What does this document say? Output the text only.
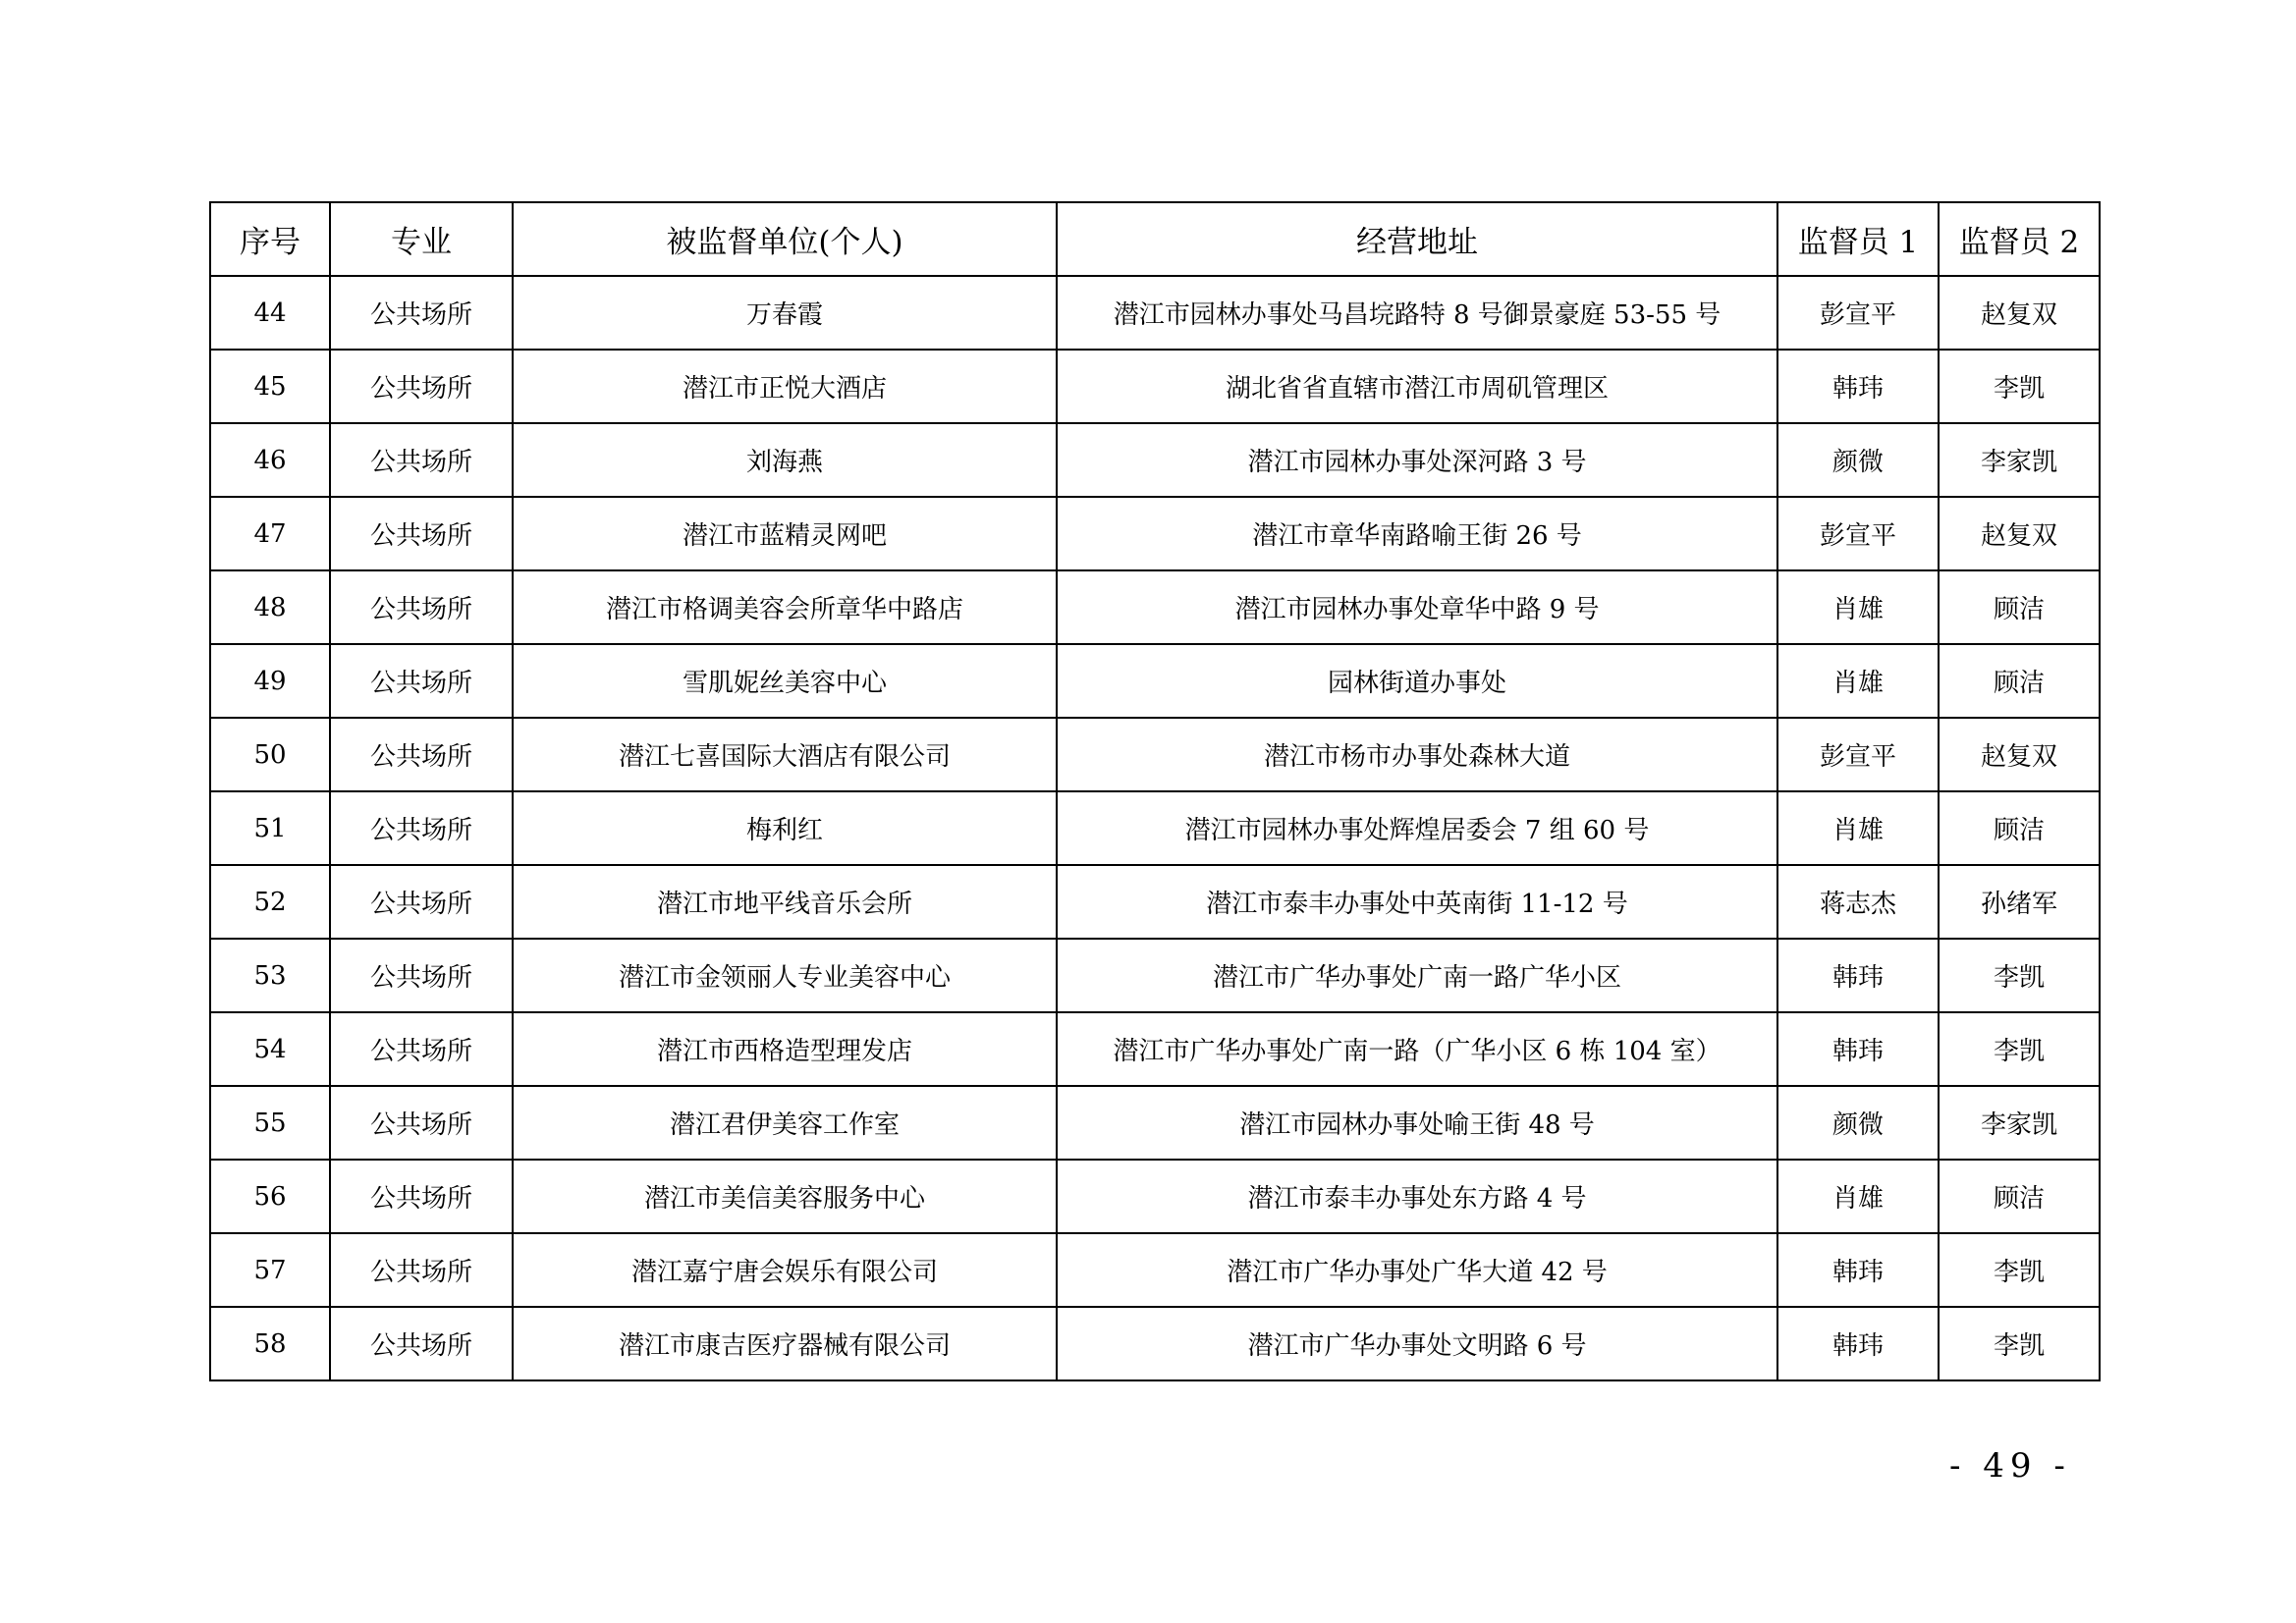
序号	专业	被监督单位(个人)	经营地址	监督员 1	监督员 2
44	公共场所	万春霞	潜江市园林办事处马昌垸路特 8 号御景豪庭 53-55 号	彭宣平	赵复双
45	公共场所	潜江市正悦大酒店	湖北省省直辖市潜江市周矶管理区	韩玮	李凯
46	公共场所	刘海燕	潜江市园林办事处深河路 3 号	颜微	李家凯
47	公共场所	潜江市蓝精灵网吧	潜江市章华南路喻王街 26 号	彭宣平	赵复双
48	公共场所	潜江市格调美容会所章华中路店	潜江市园林办事处章华中路 9 号	肖雄	顾洁
49	公共场所	雪肌妮丝美容中心	园林街道办事处	肖雄	顾洁
50	公共场所	潜江七喜国际大酒店有限公司	潜江市杨市办事处森林大道	彭宣平	赵复双
51	公共场所	梅利红	潜江市园林办事处辉煌居委会 7 组 60 号	肖雄	顾洁
52	公共场所	潜江市地平线音乐会所	潜江市泰丰办事处中英南街 11-12 号	蒋志杰	孙绪军
53	公共场所	潜江市金领丽人专业美容中心	潜江市广华办事处广南一路广华小区	韩玮	李凯
54	公共场所	潜江市西格造型理发店	潜江市广华办事处广南一路（广华小区 6 栋 104 室）	韩玮	李凯
55	公共场所	潜江君伊美容工作室	潜江市园林办事处喻王街 48 号	颜微	李家凯
56	公共场所	潜江市美信美容服务中心	潜江市泰丰办事处东方路 4 号	肖雄	顾洁
57	公共场所	潜江嘉宁唐会娱乐有限公司	潜江市广华办事处广华大道 42 号	韩玮	李凯
58	公共场所	潜江市康吉医疗器械有限公司	潜江市广华办事处文明路 6 号	韩玮	李凯
- 49 -
